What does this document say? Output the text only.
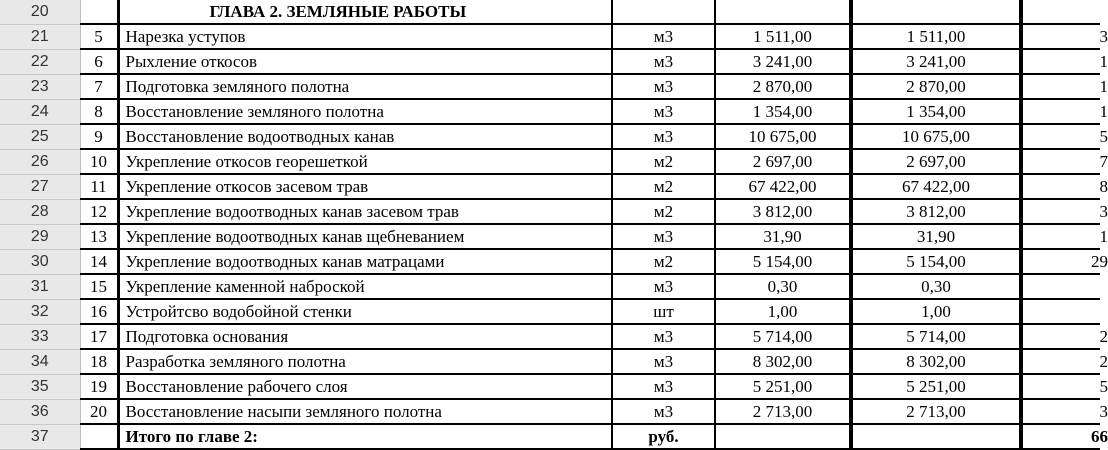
20		ГЛАВА 2. ЗЕМЛЯНЫЕ РАБОТЫ				
21	5	Нарезка уступов	м3	1 511,00	1 511,00	3
22	6	Рыхление откосов	м3	3 241,00	3 241,00	1
23	7	Подготовка земляного полотна	м3	2 870,00	2 870,00	1
24	8	Восстановление земляного полотна	м3	1 354,00	1 354,00	1
25	9	Восстановление водоотводных канав	м3	10 675,00	10 675,00	5
26	10	Укрепление откосов георешеткой	м2	2 697,00	2 697,00	7
27	11	Укрепление откосов засевом трав	м2	67 422,00	67 422,00	8
28	12	Укрепление водоотводных канав засевом трав	м2	3 812,00	3 812,00	3
29	13	Укрепление водоотводных канав щебневанием	м3	31,90	31,90	1
30	14	Укрепление водоотводных канав матрацами	м2	5 154,00	5 154,00	29
31	15	Укрепление каменной наброской	м3	0,30	0,30	
32	16	Устройтсво водобойной стенки	шт	1,00	1,00	
33	17	Подготовка основания	м3	5 714,00	5 714,00	2
34	18	Разработка земляного полотна	м3	8 302,00	8 302,00	2
35	19	Восстановление рабочего слоя	м3	5 251,00	5 251,00	5
36	20	Восстановление насыпи земляного полотна	м3	2 713,00	2 713,00	3
37		Итого по главе 2:	руб.			66
